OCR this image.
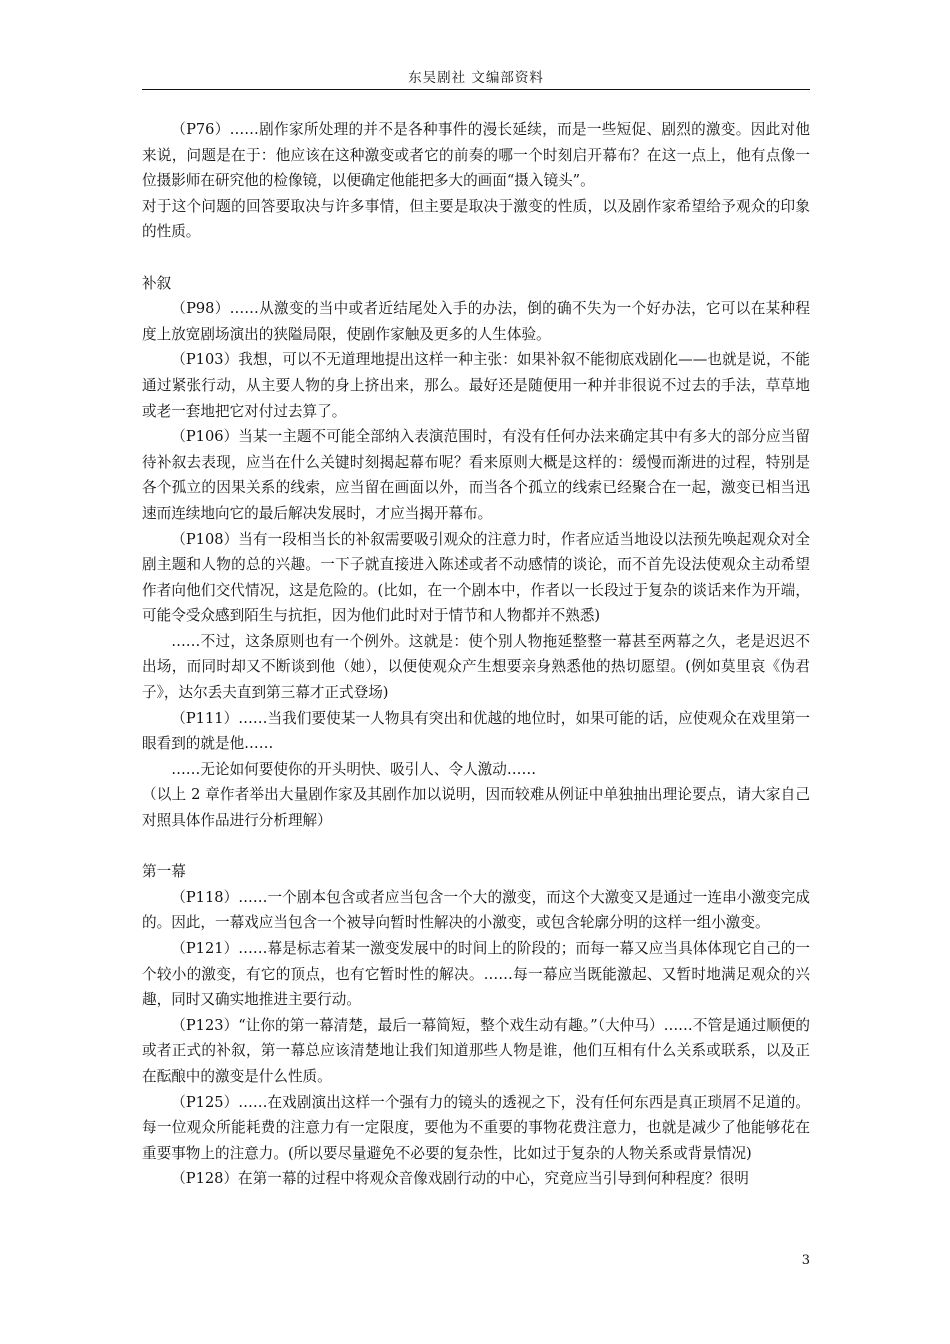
东吴剧社 文编部资料

（P76）……剧作家所处理的并不是各种事件的漫长延续，而是一些短促、剧烈的激变。因此对他来说，问题是在于：他应该在这种激变或者它的前奏的哪一个时刻启开幕布？在这一点上，他有点像一位摄影师在研究他的检像镜，以便确定他能把多大的画面“摄入镜头”。

对于这个问题的回答要取决与许多事情，但主要是取决于激变的性质，以及剧作家希望给予观众的印象的性质。

补叙

（P98）……从激变的当中或者近结尾处入手的办法，倒的确不失为一个好办法，它可以在某种程度上放宽剧场演出的狭隘局限，使剧作家触及更多的人生体验。

（P103）我想，可以不无道理地提出这样一种主张：如果补叙不能彻底戏剧化——也就是说，不能通过紧张行动，从主要人物的身上挤出来，那么。最好还是随便用一种并非很说不过去的手法，草草地或老一套地把它对付过去算了。

（P106）当某一主题不可能全部纳入表演范围时，有没有任何办法来确定其中有多大的部分应当留待补叙去表现，应当在什么关键时刻揭起幕布呢？看来原则大概是这样的：缓慢而渐进的过程，特别是各个孤立的因果关系的线索，应当留在画面以外，而当各个孤立的线索已经聚合在一起，激变已相当迅速而连续地向它的最后解决发展时，才应当揭开幕布。

（P108）当有一段相当长的补叙需要吸引观众的注意力时，作者应适当地设以法预先唤起观众对全剧主题和人物的总的兴趣。一下子就直接进入陈述或者不动感情的谈论，而不首先设法使观众主动希望作者向他们交代情况，这是危险的。(比如，在一个剧本中，作者以一长段过于复杂的谈话来作为开端，可能令受众感到陌生与抗拒，因为他们此时对于情节和人物都并不熟悉)

……不过，这条原则也有一个例外。这就是：使个别人物拖延整整一幕甚至两幕之久，老是迟迟不出场，而同时却又不断谈到他（她），以便使观众产生想要亲身熟悉他的热切愿望。(例如莫里哀《伪君子》，达尔丢夫直到第三幕才正式登场)

（P111）……当我们要使某一人物具有突出和优越的地位时，如果可能的话，应使观众在戏里第一眼看到的就是他……

……无论如何要使你的开头明快、吸引人、令人激动……

（以上 2 章作者举出大量剧作家及其剧作加以说明，因而较难从例证中单独抽出理论要点，请大家自己对照具体作品进行分析理解）

第一幕

（P118）……一个剧本包含或者应当包含一个大的激变，而这个大激变又是通过一连串小激变完成的。因此，一幕戏应当包含一个被导向暂时性解决的小激变，或包含轮廓分明的这样一组小激变。

（P121）……幕是标志着某一激变发展中的时间上的阶段的；而每一幕又应当具体体现它自己的一个较小的激变，有它的顶点，也有它暂时性的解决。……每一幕应当既能激起、又暂时地满足观众的兴趣，同时又确实地推进主要行动。

（P123）“让你的第一幕清楚，最后一幕简短，整个戏生动有趣。”（大仲马）……不管是通过顺便的或者正式的补叙，第一幕总应该清楚地让我们知道那些人物是谁，他们互相有什么关系或联系，以及正在酝酿中的激变是什么性质。

（P125）……在戏剧演出这样一个强有力的镜头的透视之下，没有任何东西是真正琐屑不足道的。每一位观众所能耗费的注意力有一定限度，要他为不重要的事物花费注意力，也就是减少了他能够花在重要事物上的注意力。(所以要尽量避免不必要的复杂性，比如过于复杂的人物关系或背景情况)

（P128）在第一幕的过程中将观众音像戏剧行动的中心，究竟应当引导到何种程度？很明

3
